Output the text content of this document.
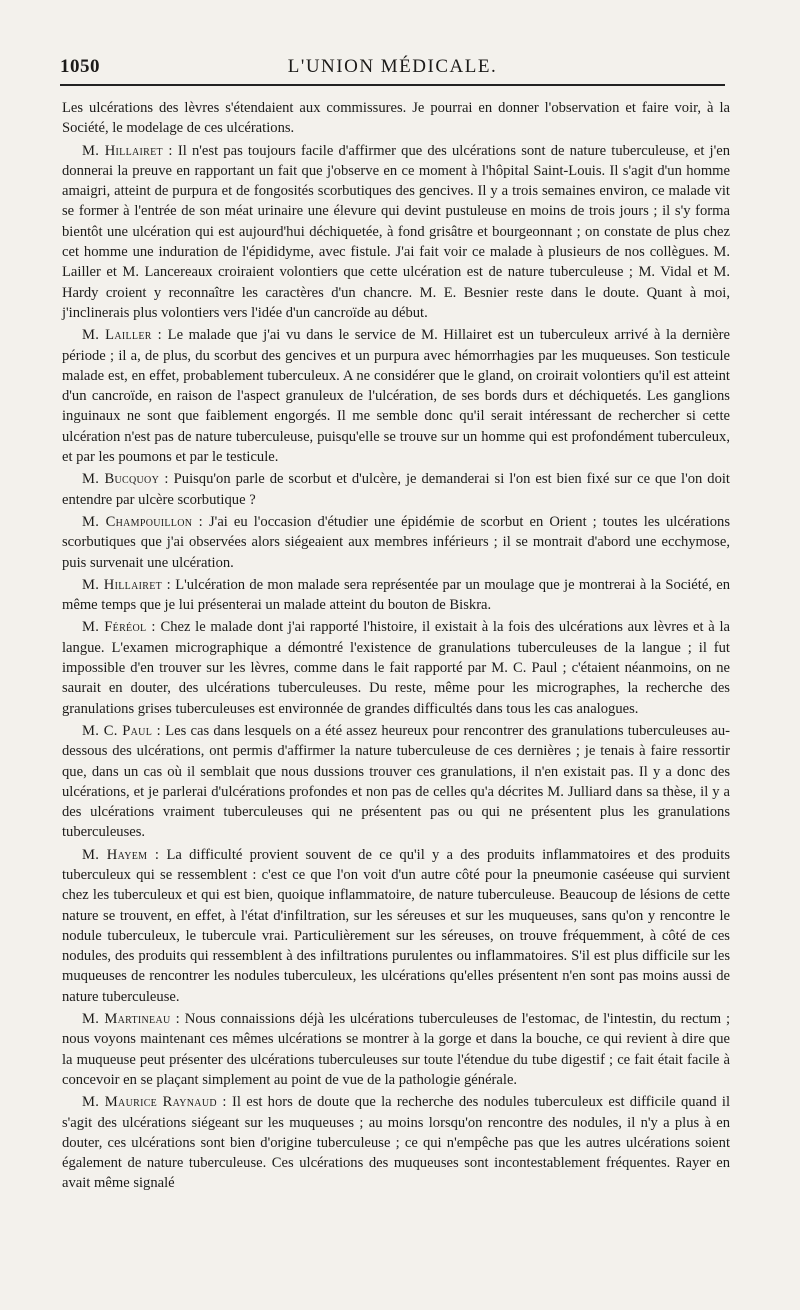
1050	L'UNION MÉDICALE.

Les ulcérations des lèvres s'étendaient aux commissures. Je pourrai en donner l'observation et faire voir, à la Société, le modelage de ces ulcérations.

M. Hillairet : Il n'est pas toujours facile d'affirmer que des ulcérations sont de nature tuberculeuse, et j'en donnerai la preuve en rapportant un fait que j'observe en ce moment à l'hôpital Saint-Louis. Il s'agit d'un homme amaigri, atteint de purpura et de fongosités scorbutiques des gencives. Il y a trois semaines environ, ce malade vit se former à l'entrée de son méat urinaire une élevure qui devint pustuleuse en moins de trois jours ; il s'y forma bientôt une ulcération qui est aujourd'hui déchiquetée, à fond grisâtre et bourgeonnant ; on constate de plus chez cet homme une induration de l'épididyme, avec fistule. J'ai fait voir ce malade à plusieurs de nos collègues. M. Lailler et M. Lancereaux croiraient volontiers que cette ulcération est de nature tuberculeuse ; M. Vidal et M. Hardy croient y reconnaître les caractères d'un chancre. M. E. Besnier reste dans le doute. Quant à moi, j'inclinerais plus volontiers vers l'idée d'un cancroïde au début.

M. Lailler : Le malade que j'ai vu dans le service de M. Hillairet est un tuberculeux arrivé à la dernière période ; il a, de plus, du scorbut des gencives et un purpura avec hémorrhagies par les muqueuses. Son testicule malade est, en effet, probablement tuberculeux. A ne considérer que le gland, on croirait volontiers qu'il est atteint d'un cancroïde, en raison de l'aspect granuleux de l'ulcération, de ses bords durs et déchiquetés. Les ganglions inguinaux ne sont que faiblement engorgés. Il me semble donc qu'il serait intéressant de rechercher si cette ulcération n'est pas de nature tuberculeuse, puisqu'elle se trouve sur un homme qui est profondément tuberculeux, et par les poumons et par le testicule.

M. Bucquoy : Puisqu'on parle de scorbut et d'ulcère, je demanderai si l'on est bien fixé sur ce que l'on doit entendre par ulcère scorbutique ?

M. Champouillon : J'ai eu l'occasion d'étudier une épidémie de scorbut en Orient ; toutes les ulcérations scorbutiques que j'ai observées alors siégeaient aux membres inférieurs ; il se montrait d'abord une ecchymose, puis survenait une ulcération.

M. Hillairet : L'ulcération de mon malade sera représentée par un moulage que je montrerai à la Société, en même temps que je lui présenterai un malade atteint du bouton de Biskra.

M. Féréol : Chez le malade dont j'ai rapporté l'histoire, il existait à la fois des ulcérations aux lèvres et à la langue. L'examen micrographique a démontré l'existence de granulations tuberculeuses de la langue ; il fut impossible d'en trouver sur les lèvres, comme dans le fait rapporté par M. C. Paul ; c'étaient néanmoins, on ne saurait en douter, des ulcérations tuberculeuses. Du reste, même pour les micrographes, la recherche des granulations grises tuberculeuses est environnée de grandes difficultés dans tous les cas analogues.

M. C. Paul : Les cas dans lesquels on a été assez heureux pour rencontrer des granulations tuberculeuses au-dessous des ulcérations, ont permis d'affirmer la nature tuberculeuse de ces dernières ; je tenais à faire ressortir que, dans un cas où il semblait que nous dussions trouver ces granulations, il n'en existait pas. Il y a donc des ulcérations, et je parlerai d'ulcérations profondes et non pas de celles qu'a décrites M. Julliard dans sa thèse, il y a des ulcérations vraiment tuberculeuses qui ne présentent pas ou qui ne présentent plus les granulations tuberculeuses.

M. Hayem : La difficulté provient souvent de ce qu'il y a des produits inflammatoires et des produits tuberculeux qui se ressemblent : c'est ce que l'on voit d'un autre côté pour la pneumonie caséeuse qui survient chez les tuberculeux et qui est bien, quoique inflammatoire, de nature tuberculeuse. Beaucoup de lésions de cette nature se trouvent, en effet, à l'état d'infiltration, sur les séreuses et sur les muqueuses, sans qu'on y rencontre le nodule tuberculeux, le tubercule vrai. Particulièrement sur les séreuses, on trouve fréquemment, à côté de ces nodules, des produits qui ressemblent à des infiltrations purulentes ou inflammatoires. S'il est plus difficile sur les muqueuses de rencontrer les nodules tuberculeux, les ulcérations qu'elles présentent n'en sont pas moins aussi de nature tuberculeuse.

M. Martineau : Nous connaissions déjà les ulcérations tuberculeuses de l'estomac, de l'intestin, du rectum ; nous voyons maintenant ces mêmes ulcérations se montrer à la gorge et dans la bouche, ce qui revient à dire que la muqueuse peut présenter des ulcérations tuberculeuses sur toute l'étendue du tube digestif ; ce fait était facile à concevoir en se plaçant simplement au point de vue de la pathologie générale.

M. Maurice Raynaud : Il est hors de doute que la recherche des nodules tuberculeux est difficile quand il s'agit des ulcérations siégeant sur les muqueuses ; au moins lorsqu'on rencontre des nodules, il n'y a plus à en douter, ces ulcérations sont bien d'origine tuberculeuse ; ce qui n'empêche pas que les autres ulcérations soient également de nature tuberculeuse. Ces ulcérations des muqueuses sont incontestablement fréquentes. Rayer en avait même signalé
